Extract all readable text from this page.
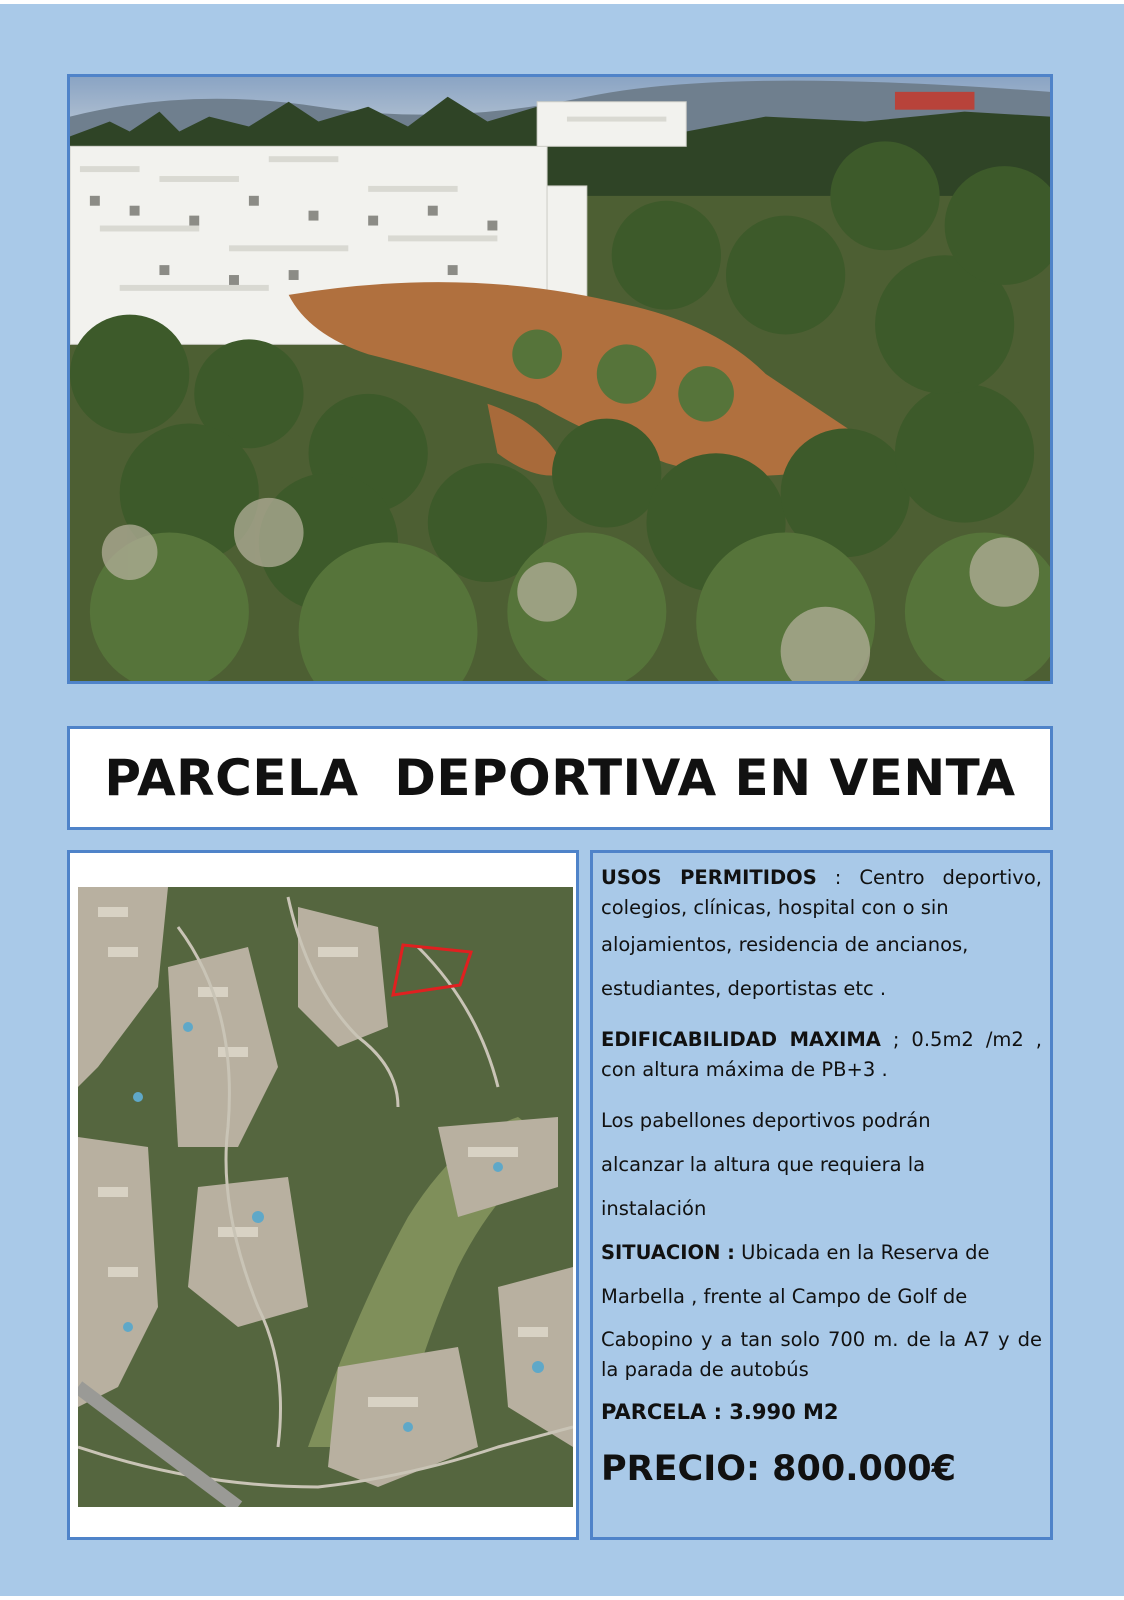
PARCELA  DEPORTIVA EN VENTA

USOS PERMITIDOS : Centro deportivo, colegios, clínicas, hospital con o sin

alojamientos, residencia de ancianos,

estudiantes, deportistas etc .

EDIFICABILIDAD MAXIMA ; 0.5m2 /m2 , con altura máxima de PB+3 .

Los pabellones deportivos podrán

alcanzar la altura que requiera la

instalación

SITUACION : Ubicada en la Reserva de

Marbella , frente al Campo de Golf de

Cabopino y a tan solo 700 m. de la A7 y de la parada de autobús

PARCELA : 3.990 M2

PRECIO: 800.000€
